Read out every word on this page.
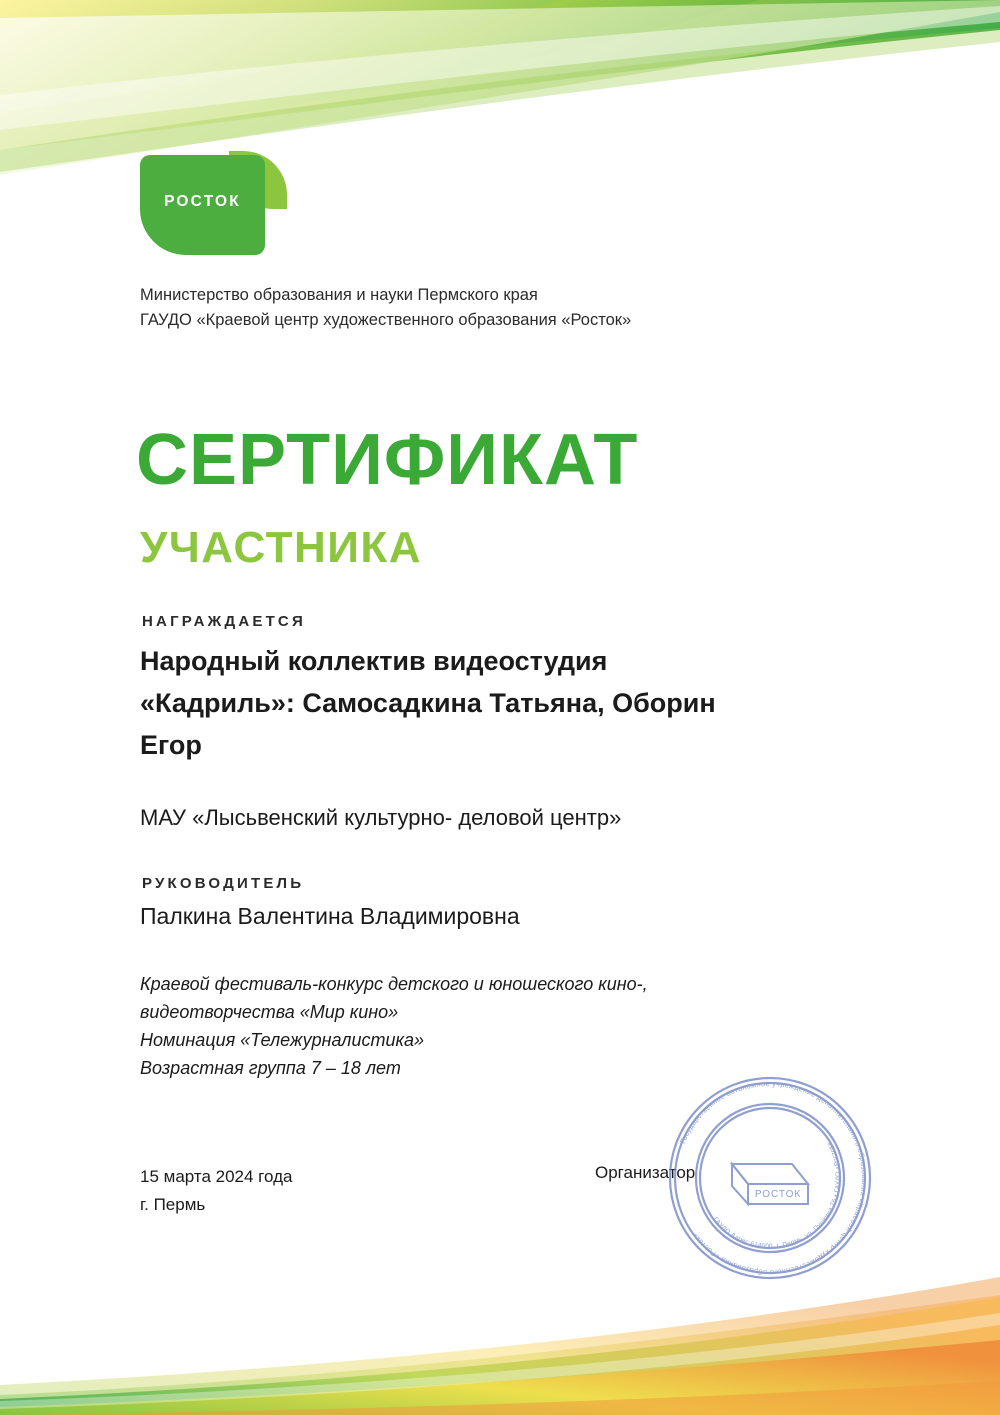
РОСТОК
Министерство образования и науки Пермского края
ГАУДО «Краевой центр художественного образования «Росток»
СЕРТИФИКАТ
УЧАСТНИКА
НАГРАЖДАЕТСЯ
Народный коллектив видеостудия «Кадриль»: Самосадкина Татьяна, Оборин Егор
МАУ «Лысьвенский культурно- деловой центр»
РУКОВОДИТЕЛЬ
Палкина Валентина Владимировна
Краевой фестиваль-конкурс детского и юношеского кино-,
видеотворчества «Мир кино»
Номинация «Тележурналистика»
Возрастная группа 7 – 18 лет
15 марта 2024 года
г. Пермь
Организатор
Государственное автономное учреждение дополнительного образования «Краевой центр художественного образования «Росток»
ГАУДО Адрес 614000, г. Пермь, ул. Пушкина 76 • ГАУДО «Росток»
РОСТОК
